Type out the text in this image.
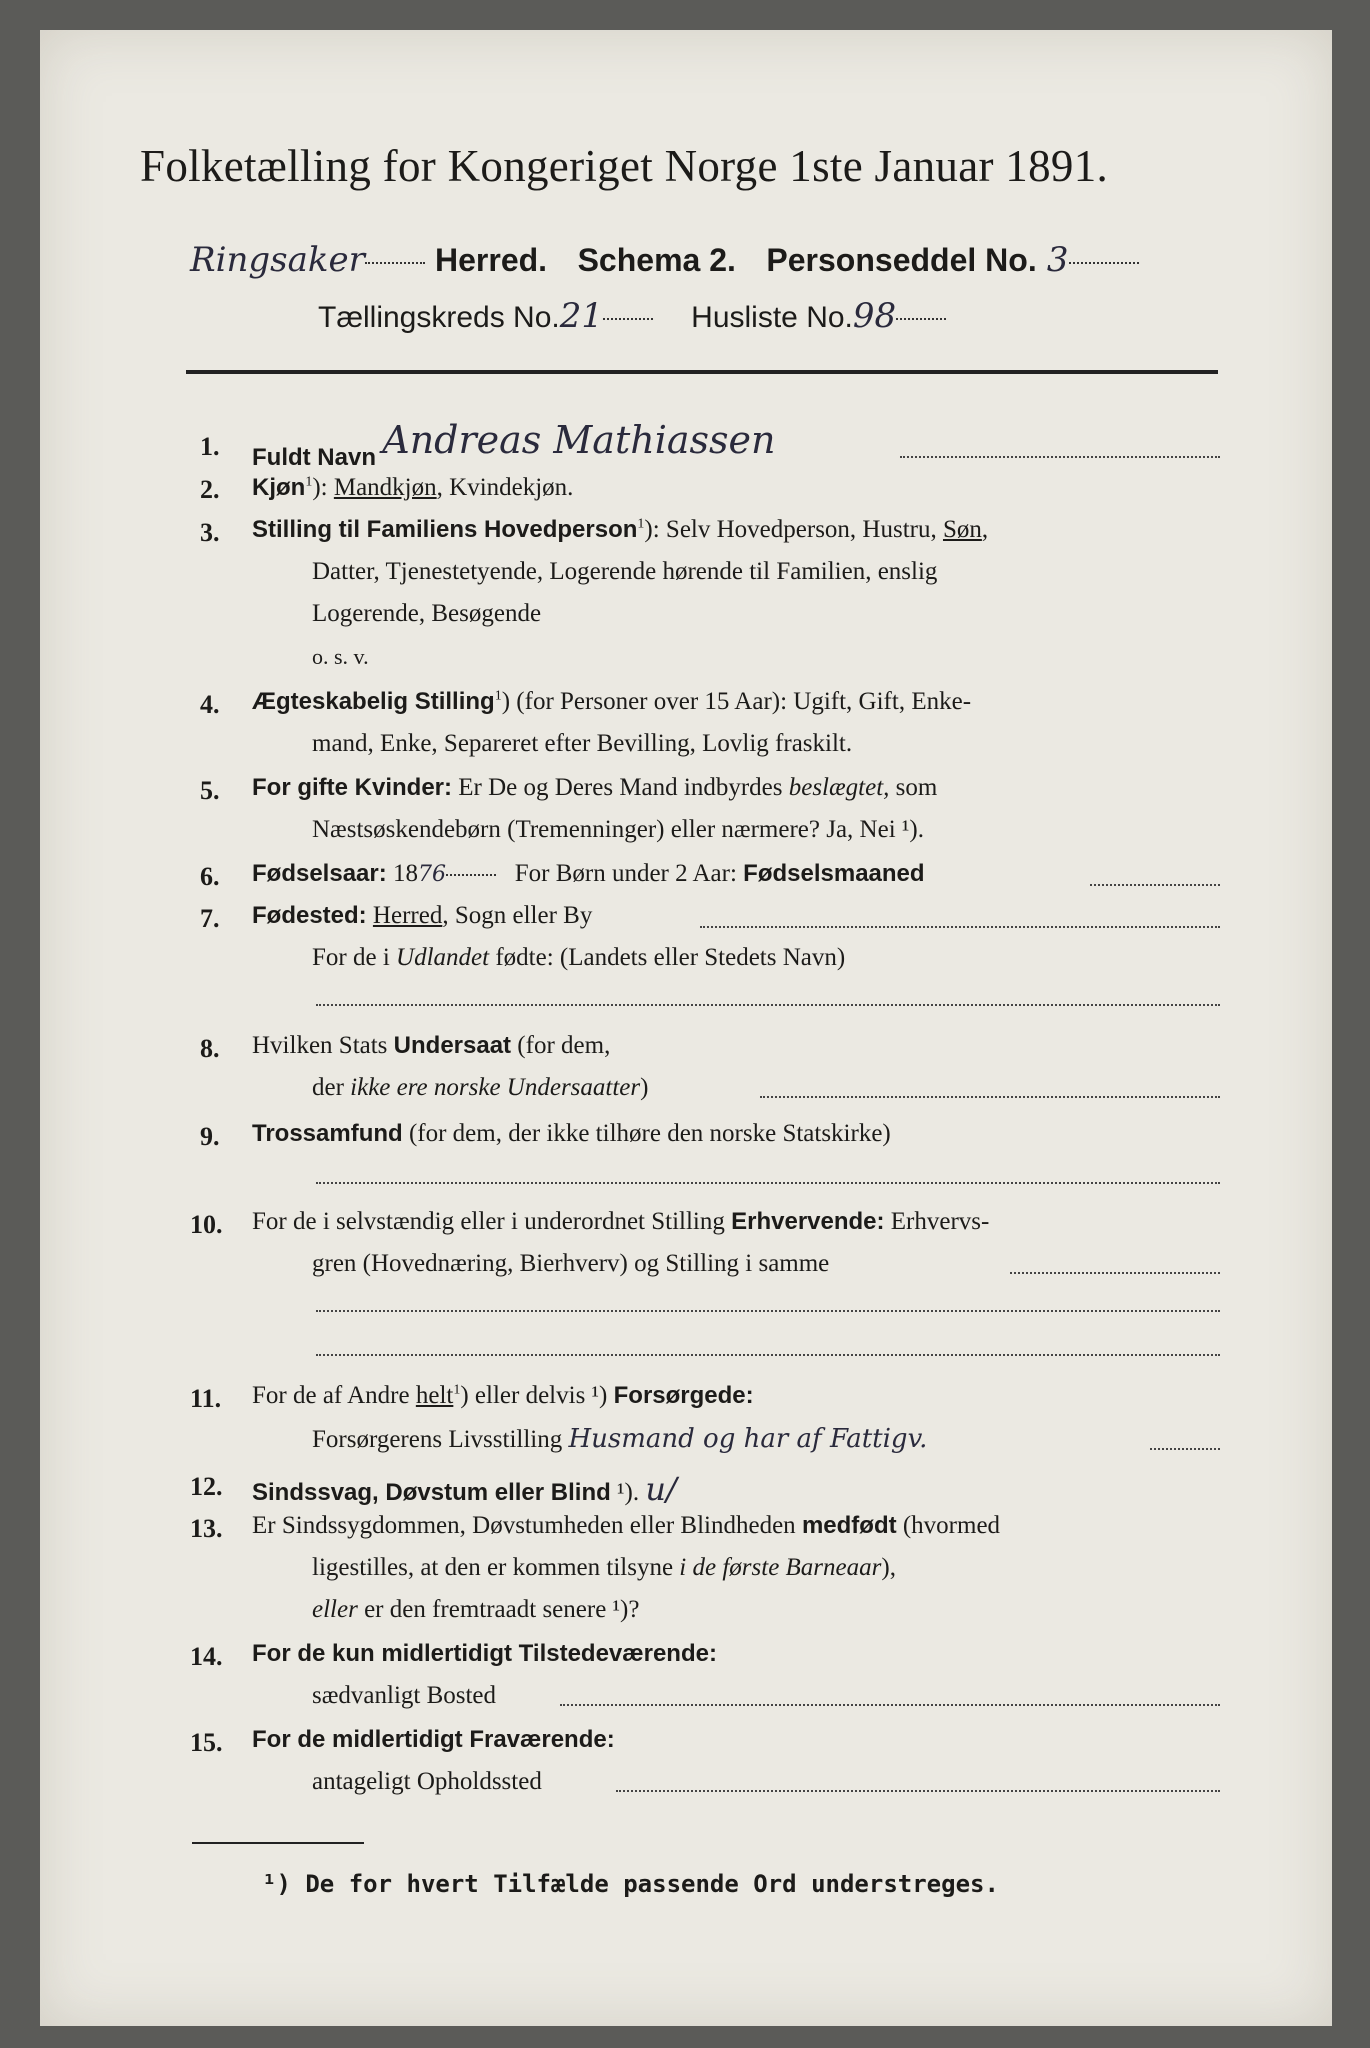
Folketælling for Kongeriget Norge 1ste Januar 1891.
Ringsaker Herred. Schema 2. Personseddel No. 3
Tællingskreds No.21	Husliste No.98
1. Fuldt Navn Andreas Mathiassen
2. Kjøn$^1$): Mandkjøn, Kvindekjøn.
3. Stilling til Familiens Hovedperson$^1$): Selv Hovedperson, Hustru, Søn,
Datter, Tjenestetyende, Logerende hørende til Familien, enslig
Logerende, Besøgende
o. s. v.
4. Ægteskabelig Stilling$^1$) (for Personer over 15 Aar): Ugift, Gift, Enke-
mand, Enke, Separeret efter Bevilling, Lovlig fraskilt.
5. For gifte Kvinder: Er De og Deres Mand indbyrdes beslægtet, som
Næstsøskendebørn (Tremenninger) eller nærmere? Ja, Nei ¹).
6. Fødselsaar: 1876	For Børn under 2 Aar: Fødselsmaaned
7. Fødested: Herred, Sogn eller By
For de i Udlandet fødte: (Landets eller Stedets Navn)
8. Hvilken Stats Undersaat (for dem,
der ikke ere norske Undersaatter)
9. Trossamfund (for dem, der ikke tilhøre den norske Statskirke)
10. For de i selvstændig eller i underordnet Stilling Erhvervende: Erhvervs-
gren (Hovednæring, Bierhverv) og Stilling i samme
11. For de af Andre helt$^1$) eller delvis ¹) Forsørgede:
Forsørgerens Livsstilling Husmand og har af Fattigv.
12. Sindssvag, Døvstum eller Blind ¹). u/
13. Er Sindssygdommen, Døvstumheden eller Blindheden medfødt (hvormed
ligestilles, at den er kommen tilsyne i de første Barneaar),
eller er den fremtraadt senere ¹)?
14. For de kun midlertidigt Tilstedeværende:
sædvanligt Bosted
15. For de midlertidigt Fraværende:
antageligt Opholdssted
¹) De for hvert Tilfælde passende Ord understreges.
